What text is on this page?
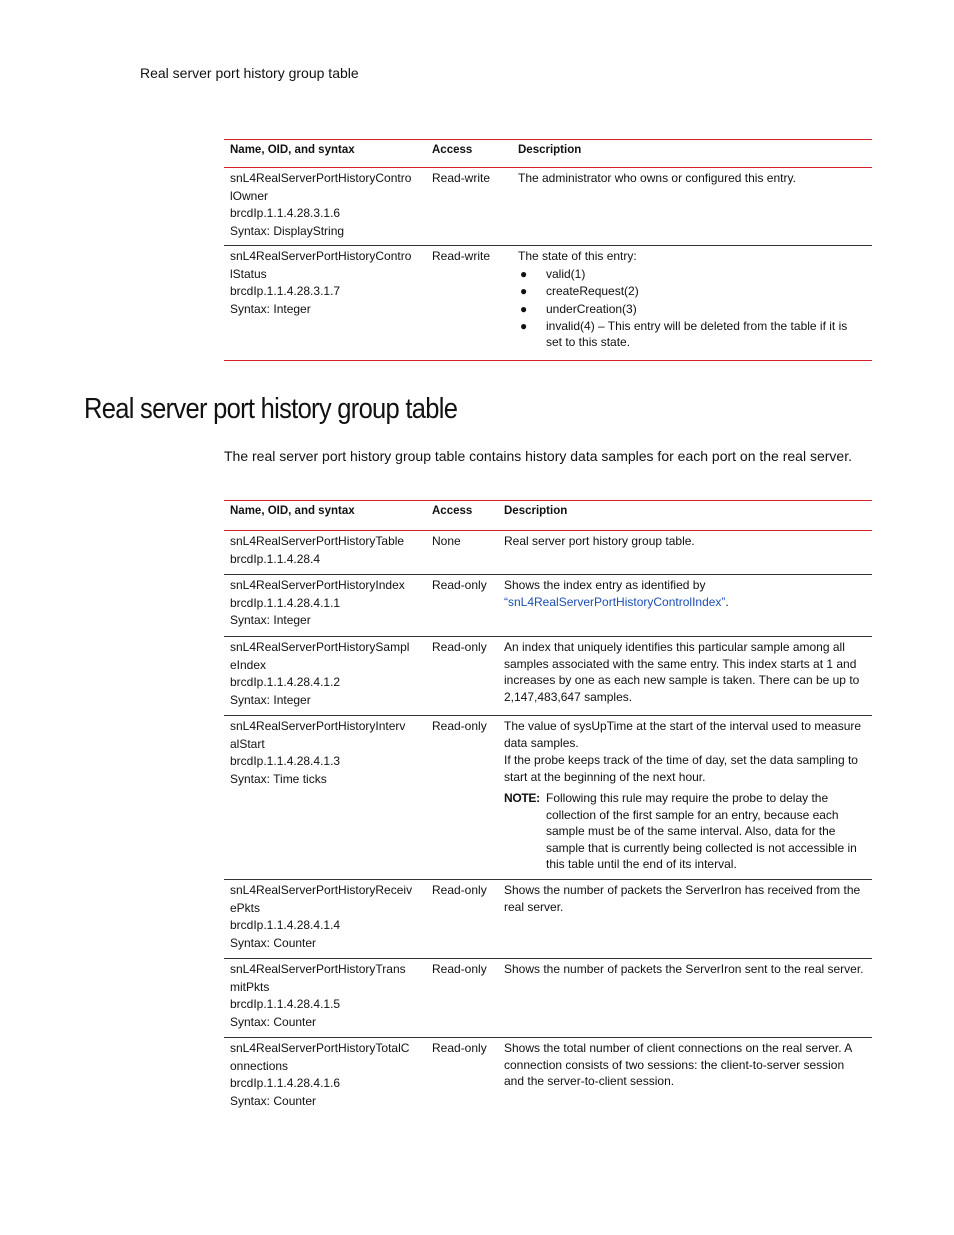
Real server port history group table
Name, OID, and syntax	Access	Description
snL4RealServerPortHistoryContro
lOwner
brcdIp.1.1.4.28.3.1.6
Syntax: DisplayString
Read-write	The administrator who owns or configured this entry.
snL4RealServerPortHistoryContro
lStatus
brcdIp.1.1.4.28.3.1.7
Syntax: Integer
Read-write	The state of this entry:
● valid(1)
● createRequest(2)
● underCreation(3)
● invalid(4) – This entry will be deleted from the table if it is set to this state.
Real server port history group table
The real server port history group table contains history data samples for each port on the real server.
Name, OID, and syntax	Access	Description
snL4RealServerPortHistoryTable
brcdIp.1.1.4.28.4
None	Real server port history group table.
snL4RealServerPortHistoryIndex
brcdIp.1.1.4.28.4.1.1
Syntax: Integer
Read-only	Shows the index entry as identified by
“snL4RealServerPortHistoryControlIndex”.
snL4RealServerPortHistorySampl
eIndex
brcdIp.1.1.4.28.4.1.2
Syntax: Integer
Read-only	An index that uniquely identifies this particular sample among all samples associated with the same entry. This index starts at 1 and increases by one as each new sample is taken. There can be up to 2,147,483,647 samples.
snL4RealServerPortHistoryInterv
alStart
brcdIp.1.1.4.28.4.1.3
Syntax: Time ticks
Read-only	The value of sysUpTime at the start of the interval used to measure data samples.

If the probe keeps track of the time of day, set the data sampling to start at the beginning of the next hour.

NOTE: Following this rule may require the probe to delay the collection of the first sample for an entry, because each sample must be of the same interval. Also, data for the sample that is currently being collected is not accessible in this table until the end of its interval.
snL4RealServerPortHistoryReceiv
ePkts
brcdIp.1.1.4.28.4.1.4
Syntax: Counter
Read-only	Shows the number of packets the ServerIron has received from the real server.
snL4RealServerPortHistoryTrans
mitPkts
brcdIp.1.1.4.28.4.1.5
Syntax: Counter
Read-only	Shows the number of packets the ServerIron sent to the real server.
snL4RealServerPortHistoryTotalC
onnections
brcdIp.1.1.4.28.4.1.6
Syntax: Counter
Read-only	Shows the total number of client connections on the real server. A connection consists of two sessions: the client-to-server session and the server-to-client session.
